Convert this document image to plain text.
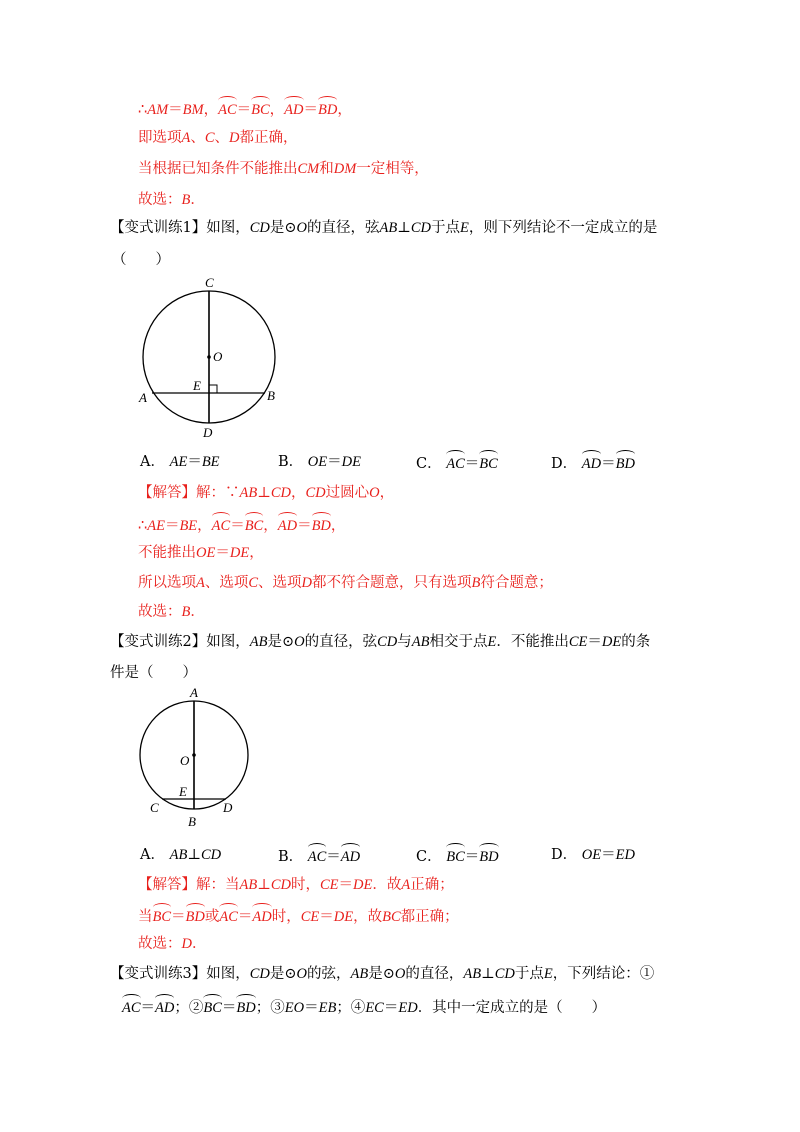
∴AM＝BM，AC＝BC，AD＝BD，
即选项A、C、D都正确，
当根据已知条件不能推出CM和DM一定相等，
故选：B．
【变式训练1】如图，CD是⊙O的直径，弦AB⊥CD于点E，则下列结论不一定成立的是
（　　）
C
O
E
A	B
D
A． AE＝BE	B． OE＝DE	C． AC＝BC	D． AD＝BD
【解答】解：∵AB⊥CD，CD过圆心O，
∴AE＝BE，AC＝BC，AD＝BD，
不能推出OE＝DE，
所以选项A、选项C、选项D都不符合题意，只有选项B符合题意；
故选：B．
【变式训练2】如图，AB是⊙O的直径，弦CD与AB相交于点E．不能推出CE＝DE的条
件是（　　）
A
O
E
C	D
B
A． AB⊥CD	B． AC＝AD	C． BC＝BD	D． OE＝ED
【解答】解：当AB⊥CD时，CE＝DE．故A正确；
当BC＝BD或AC＝AD时，CE＝DE，故BC都正确；
故选：D．
【变式训练3】如图，CD是⊙O的弦，AB是⊙O的直径，AB⊥CD于点E，下列结论：①
AC＝AD；②BC＝BD；③EO＝EB；④EC＝ED．其中一定成立的是（　　）
